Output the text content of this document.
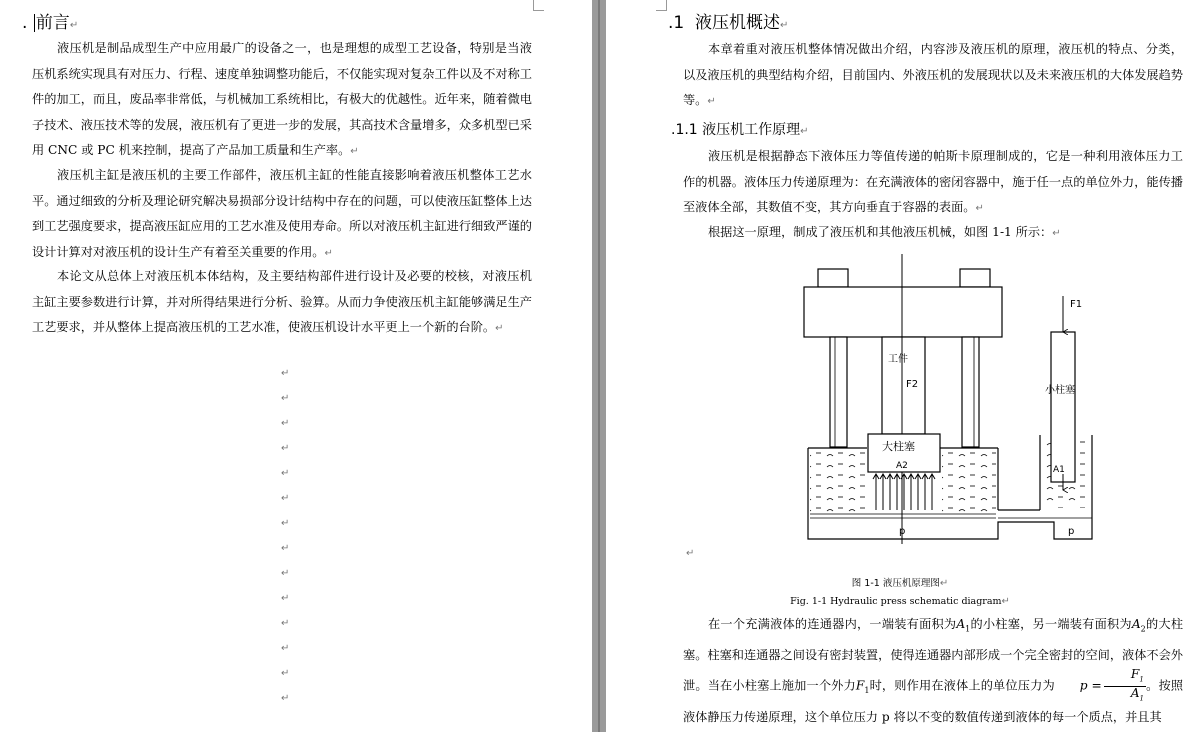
. 前言↵
液压机是制品成型生产中应用最广的设备之一，也是理想的成型工艺设备，特别是当液压机系统实现具有对压力、行程、速度单独调整功能后，不仅能实现对复杂工件以及不对称工件的加工，而且，废品率非常低，与机械加工系统相比，有极大的优越性。近年来，随着微电子技术、液压技术等的发展，液压机有了更进一步的发展，其高技术含量增多，众多机型已采用 CNC 或 PC 机来控制，提高了产品加工质量和生产率。↵
液压机主缸是液压机的主要工作部件，液压机主缸的性能直接影响着液压机整体工艺水平。通过细致的分析及理论研究解决易损部分设计结构中存在的问题，可以使液压缸整体上达到工艺强度要求，提高液压缸应用的工艺水准及使用寿命。所以对液压机主缸进行细致严谨的设计计算对对液压机的设计生产有着至关重要的作用。↵
本论文从总体上对液压机本体结构，及主要结构部件进行设计及必要的校核，对液压机主缸主要参数进行计算，并对所得结果进行分析、验算。从而力争使液压机主缸能够满足生产工艺要求，并从整体上提高液压机的工艺水准，使液压机设计水平更上一个新的台阶。↵
↵
↵
↵
↵
↵
↵
↵
↵
↵
↵
↵
↵
↵
↵
.1 液压机概述↵
本章着重对液压机整体情况做出介绍，内容涉及液压机的原理，液压机的特点、分类，以及液压机的典型结构介绍，目前国内、外液压机的发展现状以及未来液压机的大体发展趋势等。↵
.1.1 液压机工作原理↵
液压机是根据静态下液体压力等值传递的帕斯卡原理制成的，它是一种利用液体压力工作的机器。液体压力传递原理为：在充满液体的密闭容器中，施于任一点的单位外力，能传播至液体全部，其数值不变，其方向垂直于容器的表面。↵
根据这一原理，制成了液压机和其他液压机械，如图 1-1 所示：↵
工件
F2
F1
小柱塞
大柱塞
A2	A1
p	p
↵
图 1-1 液压机原理图↵
Fig. 1-1 Hydraulic press schematic diagram↵
在一个充满液体的连通器内，一端装有面积为$A_1$的小柱塞，另一端装有面积为$A_2$的大柱塞。柱塞和连通器之间设有密封装置，使得连通器内部形成一个完全密封的空间，液体不会外泄。当在小柱塞上施加一个外力$F_1$时，则作用在液体上的单位压力为 $p = \frac{F_1}{A_1}$ 。按照液体静压力传递原理，这个单位压力 p 将以不变的数值传递到液体的每一个质点，并且其
